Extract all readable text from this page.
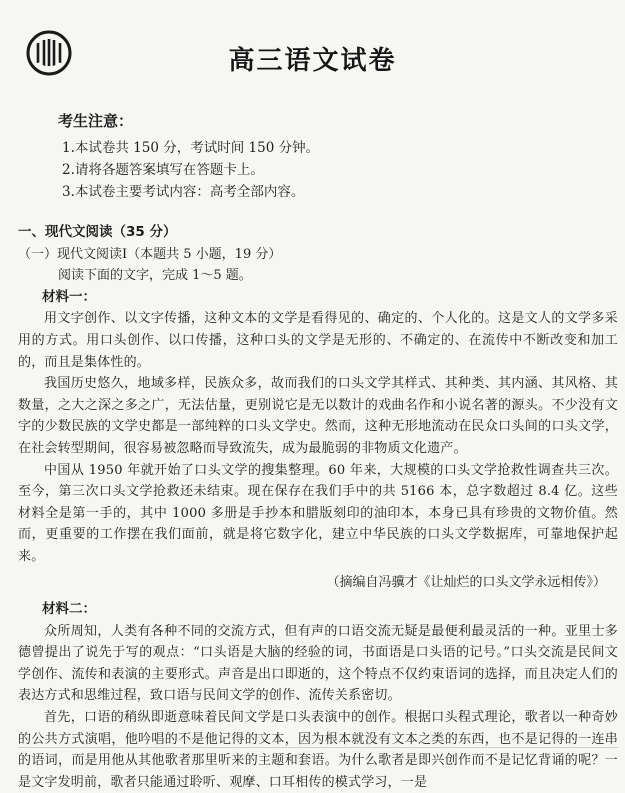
高三语文试卷
考生注意：
1.本试卷共 150 分，考试时间 150 分钟。
2.请将各题答案填写在答题卡上。
3.本试卷主要考试内容：高考全部内容。
一、现代文阅读（35 分）
（一）现代文阅读Ⅰ（本题共 5 小题，19 分）
阅读下面的文字，完成 1～5 题。
材料一：

用文字创作、以文字传播，这种文本的文学是看得见的、确定的、个人化的。这是文人的文学多采用的方式。用口头创作、以口传播，这种口头的文学是无形的、不确定的、在流传中不断改变和加工的，而且是集体性的。

我国历史悠久，地域多样，民族众多，故而我们的口头文学其样式、其种类、其内涵、其风格、其数量，之大之深之多之广，无法估量，更别说它是无以数计的戏曲名作和小说名著的源头。不少没有文字的少数民族的文学史都是一部纯粹的口头文学史。然而，这种无形地流动在民众口头间的口头文学，在社会转型期间，很容易被忽略而导致流失，成为最脆弱的非物质文化遗产。

中国从 1950 年就开始了口头文学的搜集整理。60 年来，大规模的口头文学抢救性调查共三次。至今，第三次口头文学抢救还未结束。现在保存在我们手中的共 5166 本，总字数超过 8.4 亿。这些材料全是第一手的，其中 1000 多册是手抄本和腊版刻印的油印本，本身已具有珍贵的文物价值。然而，更重要的工作摆在我们面前，就是将它数字化，建立中华民族的口头文学数据库，可靠地保护起来。

（摘编自冯骥才《让灿烂的口头文学永远相传》）
材料二：

众所周知，人类有各种不同的交流方式，但有声的口语交流无疑是最便利最灵活的一种。亚里士多德曾提出了说先于写的观点：“口头语是大脑的经验的词，书面语是口头语的记号。”口头交流是民间文学创作、流传和表演的主要形式。声音是出口即逝的，这个特点不仅约束语词的选择，而且决定人们的表达方式和思维过程，致口语与民间文学的创作、流传关系密切。

首先，口语的稍纵即逝意味着民间文学是口头表演中的创作。根据口头程式理论，歌者以一种奇妙的公共方式演唱，他吟唱的不是他记得的文本，因为根本就没有文本之类的东西，也不是记得的一连串的语词，而是用他从其他歌者那里听来的主题和套语。为什么歌者是即兴创作而不是记忆背诵的呢？一是文字发明前，歌者只能通过聆听、观摩、口耳相传的模式学习，一是
